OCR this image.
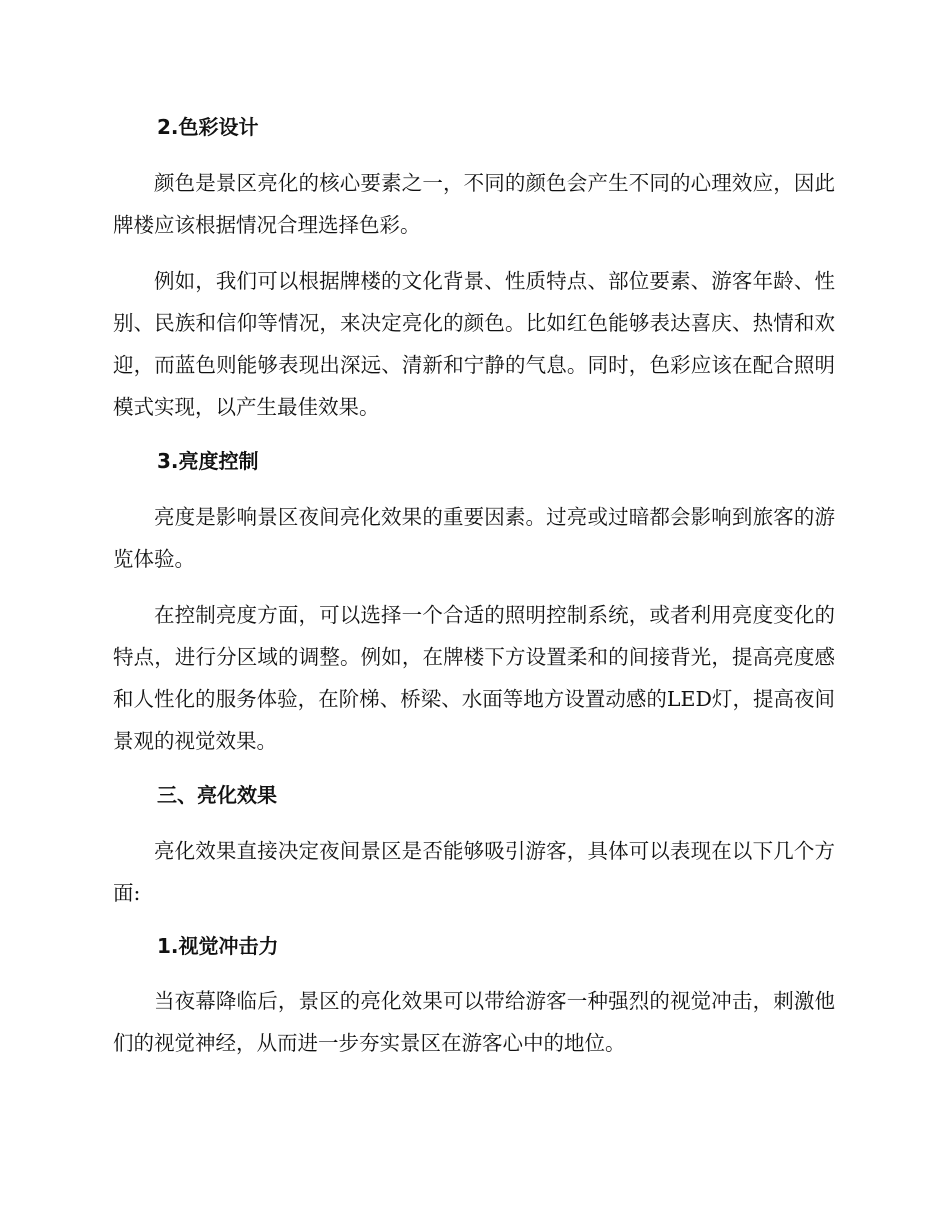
2.色彩设计

颜色是景区亮化的核心要素之一，不同的颜色会产生不同的心理效应，因此牌楼应该根据情况合理选择色彩。

例如，我们可以根据牌楼的文化背景、性质特点、部位要素、游客年龄、性别、民族和信仰等情况，来决定亮化的颜色。比如红色能够表达喜庆、热情和欢迎，而蓝色则能够表现出深远、清新和宁静的气息。同时，色彩应该在配合照明模式实现，以产生最佳效果。

3.亮度控制

亮度是影响景区夜间亮化效果的重要因素。过亮或过暗都会影响到旅客的游览体验。

在控制亮度方面，可以选择一个合适的照明控制系统，或者利用亮度变化的特点，进行分区域的调整。例如，在牌楼下方设置柔和的间接背光，提高亮度感和人性化的服务体验，在阶梯、桥梁、水面等地方设置动感的LED灯，提高夜间景观的视觉效果。

三、亮化效果

亮化效果直接决定夜间景区是否能够吸引游客，具体可以表现在以下几个方面:

1.视觉冲击力

当夜幕降临后，景区的亮化效果可以带给游客一种强烈的视觉冲击，刺激他们的视觉神经，从而进一步夯实景区在游客心中的地位。
